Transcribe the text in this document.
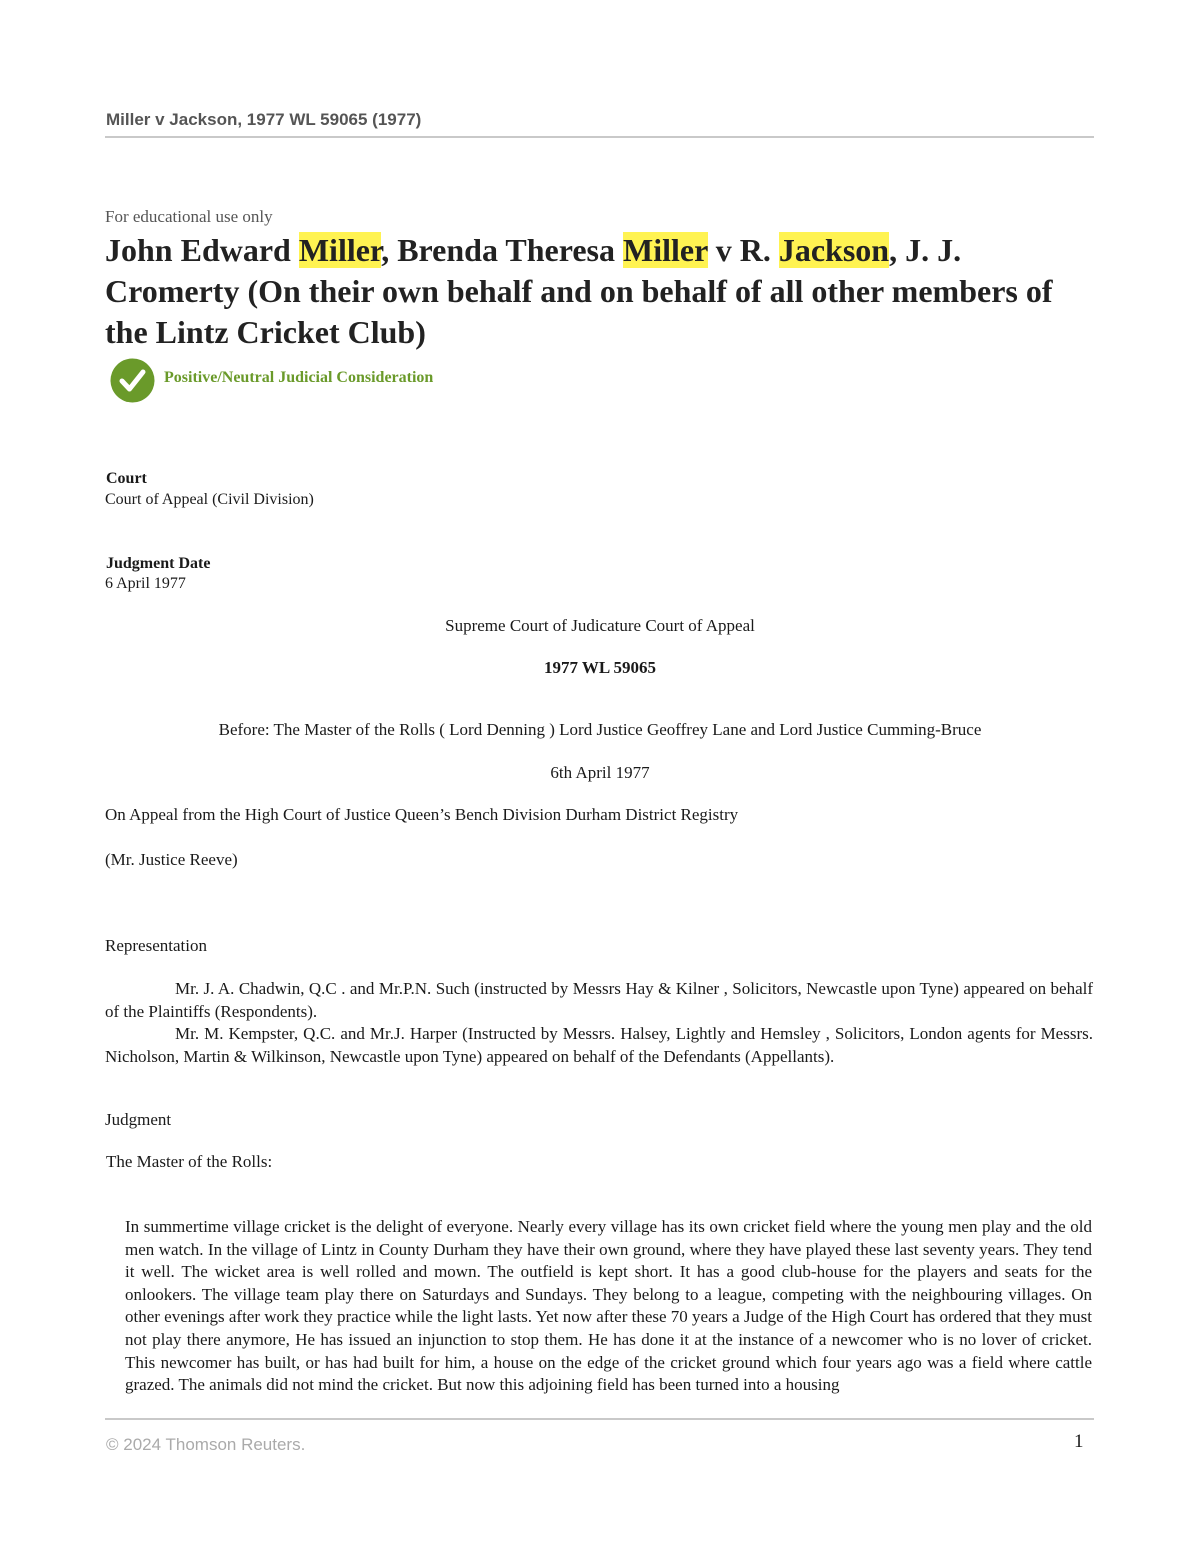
Miller v Jackson, 1977 WL 59065 (1977)
For educational use only
John Edward Miller, Brenda Theresa Miller v R. Jackson, J. J. Cromerty (On their own behalf and on behalf of all other members of the Lintz Cricket Club)
Positive/Neutral Judicial Consideration
Court
Court of Appeal (Civil Division)
Judgment Date
6 April 1977
Supreme Court of Judicature Court of Appeal
1977 WL 59065
Before: The Master of the Rolls ( Lord Denning ) Lord Justice Geoffrey Lane and Lord Justice Cumming-Bruce
6th April 1977
On Appeal from the High Court of Justice Queen’s Bench Division Durham District Registry
(Mr. Justice Reeve)
Representation

Mr. J. A. Chadwin, Q.C . and Mr.P.N. Such (instructed by Messrs Hay & Kilner , Solicitors, Newcastle upon Tyne) appeared on behalf of the Plaintiffs (Respondents).

Mr. M. Kempster, Q.C. and Mr.J. Harper (Instructed by Messrs. Halsey, Lightly and Hemsley , Solicitors, London agents for Messrs. Nicholson, Martin & Wilkinson, Newcastle upon Tyne) appeared on behalf of the Defendants (Appellants).

Judgment
The Master of the Rolls:

In summertime village cricket is the delight of everyone. Nearly every village has its own cricket field where the young men play and the old men watch. In the village of Lintz in County Durham they have their own ground, where they have played these last seventy years. They tend it well. The wicket area is well rolled and mown. The outfield is kept short. It has a good club-house for the players and seats for the onlookers. The village team play there on Saturdays and Sundays. They belong to a league, competing with the neighbouring villages. On other evenings after work they practice while the light lasts. Yet now after these 70 years a Judge of the High Court has ordered that they must not play there anymore, He has issued an injunction to stop them. He has done it at the instance of a newcomer who is no lover of cricket. This newcomer has built, or has had built for him, a house on the edge of the cricket ground which four years ago was a field where cattle grazed. The animals did not mind the cricket. But now this adjoining field has been turned into a housing

© 2024 Thomson Reuters.	1
